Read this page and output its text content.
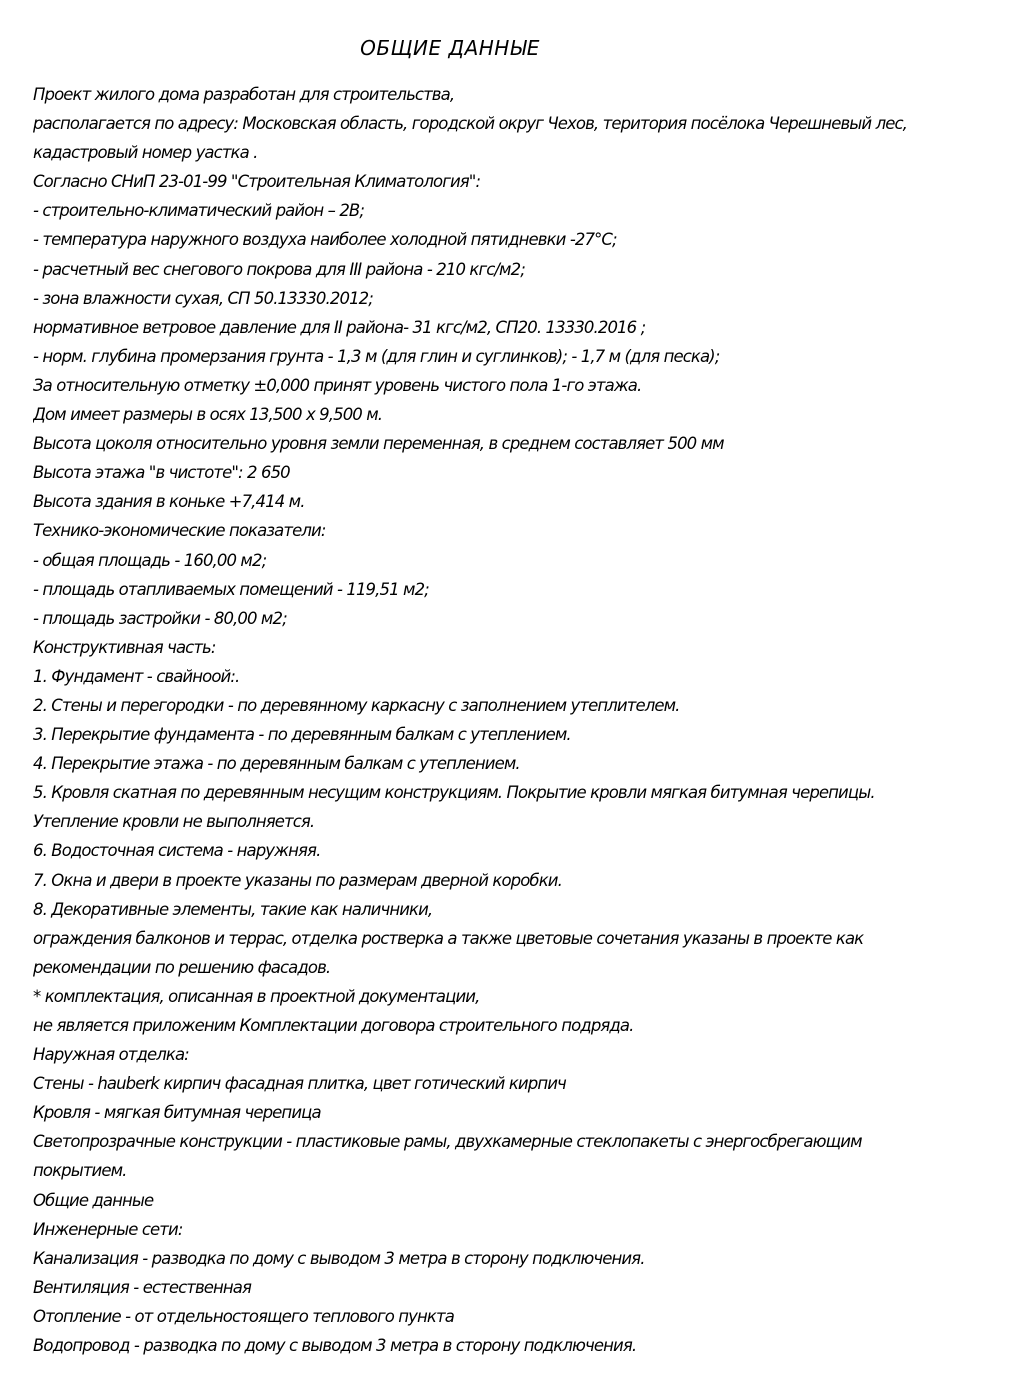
ОБЩИЕ ДАННЫЕ
Проект жилого дома разработан для строительства,
располагается по адресу: Московская область, городской округ Чехов, територия посёлока Черешневый лес,
кадастровый номер уастка .
Согласно СНиП 23-01-99 "Строительная Климатология":
- строительно-климатический район – 2В;
- температура наружного воздуха наиболее холодной пятидневки -27°С;
- расчетный вес снегового покрова для III района - 210 кгс/м2;
- зона влажности сухая, СП 50.13330.2012;
нормативное ветровое давление для II района- 31 кгс/м2, СП20. 13330.2016 ;
- норм. глубина промерзания грунта - 1,3 м (для глин и суглинков); - 1,7 м (для песка);
За относительную отметку ±0,000 принят уровень чистого пола 1-го этажа.
Дом имеет размеры в осях 13,500 х 9,500 м.
Высота цоколя относительно уровня земли переменная, в среднем составляет 500 мм
Высота этажа "в чистоте": 2 650
Высота здания в коньке +7,414 м.
Технико-экономические показатели:
- общая площадь - 160,00 м2;
- площадь отапливаемых помещений - 119,51 м2;
- площадь застройки - 80,00 м2;
Конструктивная часть:
1. Фундамент - свайноой:.
2. Стены и перегородки - по деревянному каркаснy с заполнением утеплителем.
3. Перекрытие фундамента - по деревянным балкам с утеплением.
4. Перекрытие этажа - по деревянным балкам с утеплением.
5. Кровля скатная по деревянным несущим конструкциям. Покрытие кровли мягкая битумная черепицы.
Утепление кровли не выполняется.
6. Водосточная система - наружняя.
7. Окна и двери в проекте указаны по размерам дверной коробки.
8. Декоративные элементы, такие как наличники,
ограждения балконов и террас, отделка ростверка а также цветовые сочетания указаны в проекте как
рекомендации по решению фасадов.
* комплектация, описанная в проектной документации,
не является приложеним Комплектации договора строительного подряда.
Наружная отделка:
Стены - hauberk кирпич фасадная плитка, цвет готический кирпич
Кровля - мягкая битумная черепица
Светопрозрачные конструкции - пластиковые рамы, двухкамерные стеклопакеты с энергосбрегающим
покрытием.
Общие данные
Инженерные сети:
Канализация - разводка по дому с выводом 3 метра в сторону подключения.
Вентиляция - естественная
Отопление - от отдельностоящего теплового пункта
Водопровод - разводка по дому с выводом 3 метра в сторону подключения.
